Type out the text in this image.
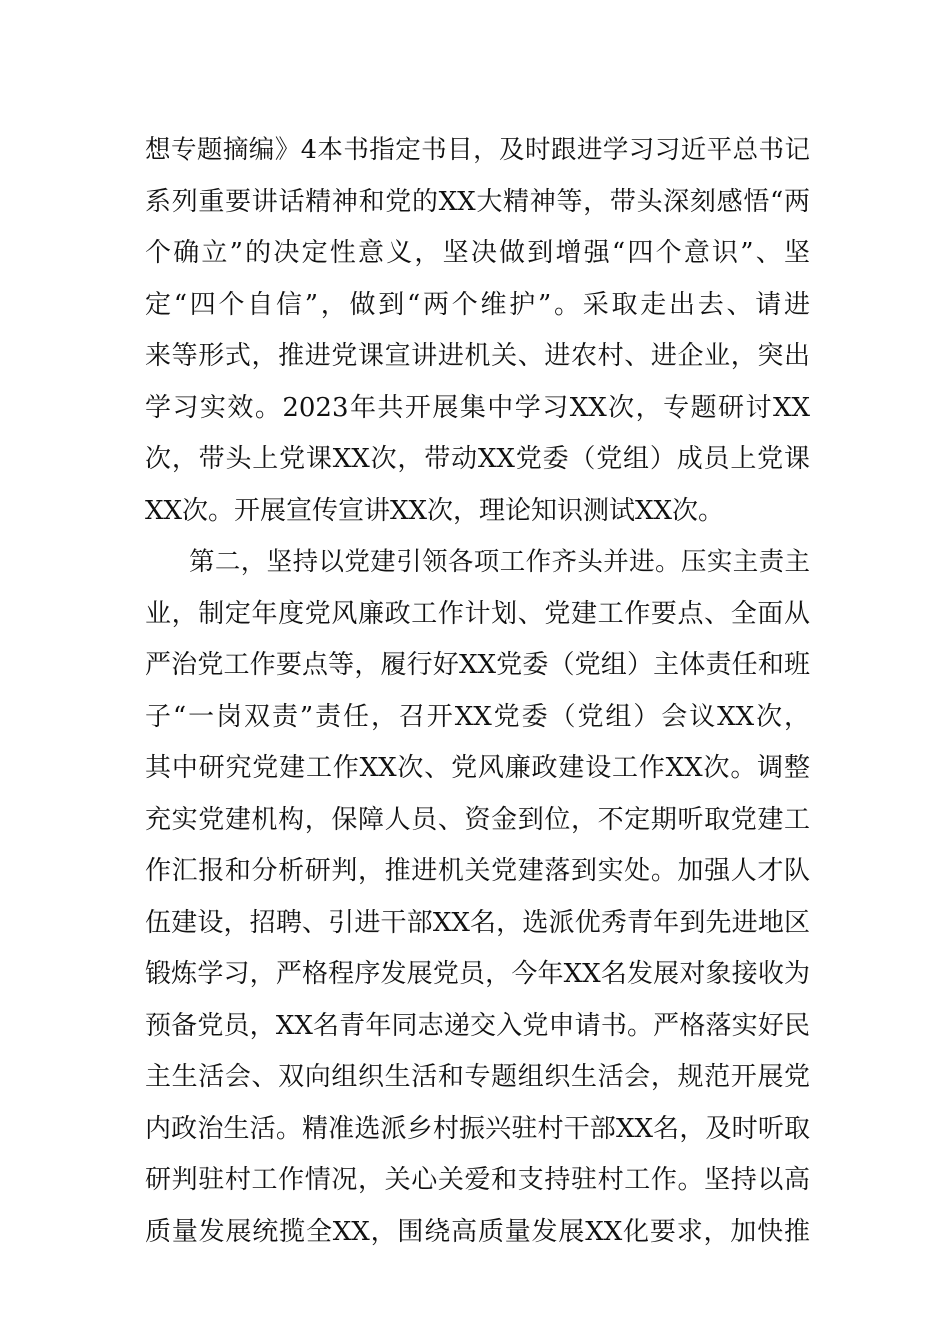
想专题摘编》4本书指定书目，及时跟进学习习近平总书记
系列重要讲话精神和党的XX大精神等，带头深刻感悟“两
个确立”的决定性意义，坚决做到增强“四个意识”、坚
定“四个自信”，做到“两个维护”。采取走出去、请进
来等形式，推进党课宣讲进机关、进农村、进企业，突出
学习实效。2023年共开展集中学习XX次，专题研讨XX
次，带头上党课XX次，带动XX党委（党组）成员上党课
XX次。开展宣传宣讲XX次，理论知识测试XX次。
第二，坚持以党建引领各项工作齐头并进。压实主责主
业，制定年度党风廉政工作计划、党建工作要点、全面从
严治党工作要点等，履行好XX党委（党组）主体责任和班
子“一岗双责”责任，召开XX党委（党组）会议XX次，
其中研究党建工作XX次、党风廉政建设工作XX次。调整
充实党建机构，保障人员、资金到位，不定期听取党建工
作汇报和分析研判，推进机关党建落到实处。加强人才队
伍建设，招聘、引进干部XX名，选派优秀青年到先进地区
锻炼学习，严格程序发展党员，今年XX名发展对象接收为
预备党员，XX名青年同志递交入党申请书。严格落实好民
主生活会、双向组织生活和专题组织生活会，规范开展党
内政治生活。精准选派乡村振兴驻村干部XX名，及时听取
研判驻村工作情况，关心关爱和支持驻村工作。坚持以高
质量发展统揽全XX，围绕高质量发展XX化要求，加快推
